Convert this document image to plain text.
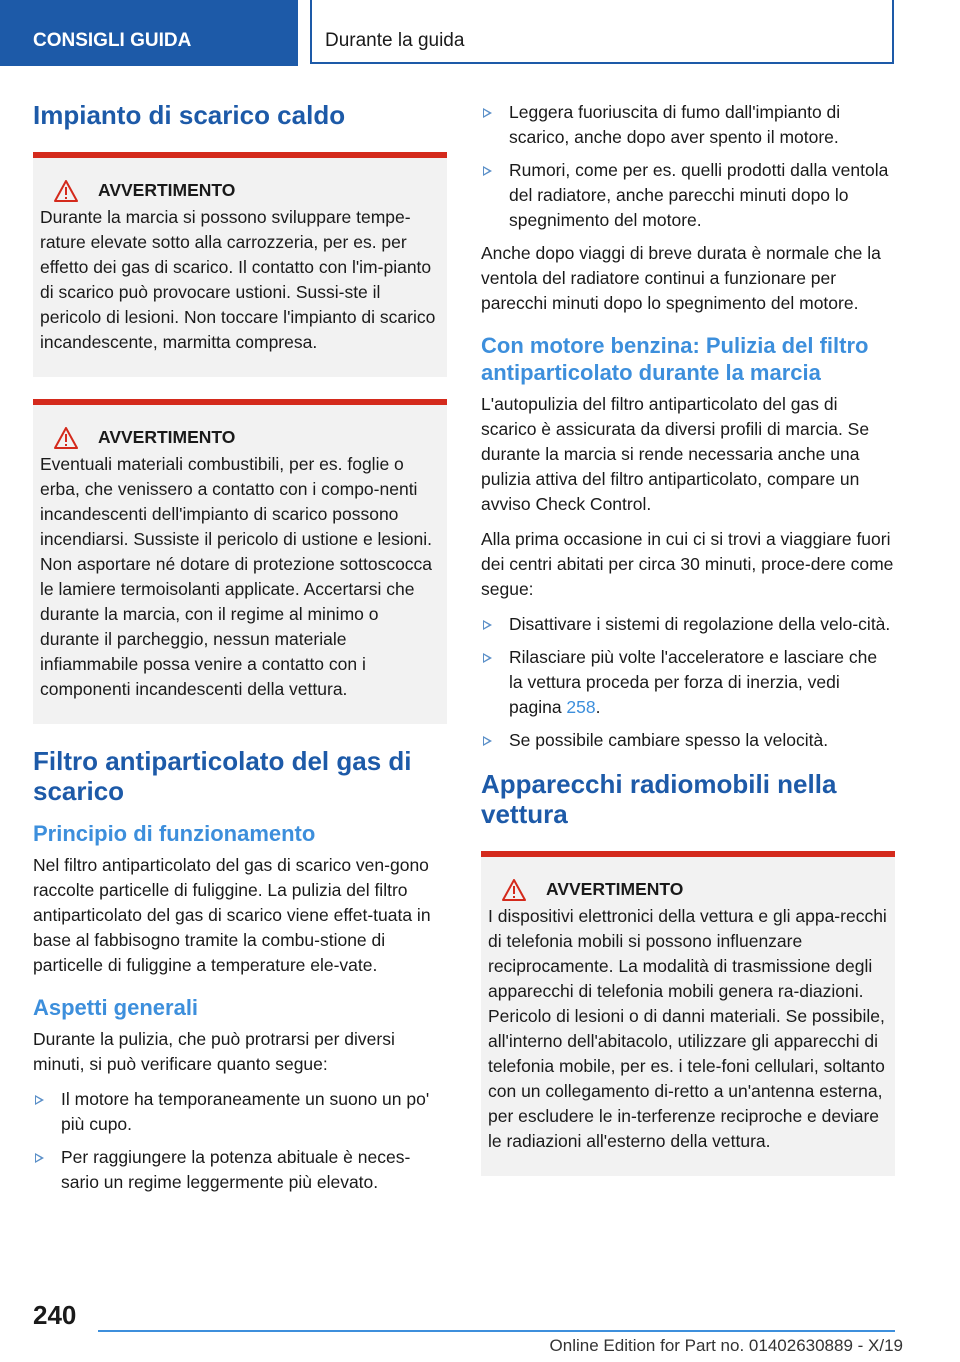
CONSIGLI GUIDA	Durante la guida
Impianto di scarico caldo
AVVERTIMENTO
Durante la marcia si possono sviluppare tempe-rature elevate sotto alla carrozzeria, per es. per effetto dei gas di scarico. Il contatto con l'im-pianto di scarico può provocare ustioni. Sussi-ste il pericolo di lesioni. Non toccare l'impianto di scarico incandescente, marmitta compresa.
AVVERTIMENTO
Eventuali materiali combustibili, per es. foglie o erba, che venissero a contatto con i compo-nenti incandescenti dell'impianto di scarico possono incendiarsi. Sussiste il pericolo di ustione e lesioni. Non asportare né dotare di protezione sottoscocca le lamiere termoisolanti applicate. Accertarsi che durante la marcia, con il regime al minimo o durante il parcheggio, nessun materiale infiammabile possa venire a contatto con i componenti incandescenti della vettura.
Filtro antiparticolato del gas di scarico
Principio di funzionamento
Nel filtro antiparticolato del gas di scarico ven-gono raccolte particelle di fuliggine. La pulizia del filtro antiparticolato del gas di scarico viene effet-tuata in base al fabbisogno tramite la combu-stione di particelle di fuliggine a temperature ele-vate.
Aspetti generali
Durante la pulizia, che può protrarsi per diversi minuti, si può verificare quanto segue:
Il motore ha temporaneamente un suono un po' più cupo.
Per raggiungere la potenza abituale è neces-sario un regime leggermente più elevato.
Leggera fuoriuscita di fumo dall'impianto di scarico, anche dopo aver spento il motore.
Rumori, come per es. quelli prodotti dalla ventola del radiatore, anche parecchi minuti dopo lo spegnimento del motore.
Anche dopo viaggi di breve durata è normale che la ventola del radiatore continui a funzionare per parecchi minuti dopo lo spegnimento del motore.
Con motore benzina: Pulizia del filtro antiparticolato durante la marcia
L'autopulizia del filtro antiparticolato del gas di scarico è assicurata da diversi profili di marcia. Se durante la marcia si rende necessaria anche una pulizia attiva del filtro antiparticolato, compare un avviso Check Control.
Alla prima occasione in cui ci si trovi a viaggiare fuori dei centri abitati per circa 30 minuti, proce-dere come segue:
Disattivare i sistemi di regolazione della velo-cità.
Rilasciare più volte l'acceleratore e lasciare che la vettura proceda per forza di inerzia, vedi pagina 258.
Se possibile cambiare spesso la velocità.
Apparecchi radiomobili nella vettura
AVVERTIMENTO
I dispositivi elettronici della vettura e gli appa-recchi di telefonia mobili si possono influenzare reciprocamente. La modalità di trasmissione degli apparecchi di telefonia mobili genera ra-diazioni. Pericolo di lesioni o di danni materiali. Se possibile, all'interno dell'abitacolo, utilizzare gli apparecchi di telefonia mobile, per es. i tele-foni cellulari, soltanto con un collegamento di-retto a un'antenna esterna, per escludere le in-terferenze reciproche e deviare le radiazioni all'esterno della vettura.
240
Online Edition for Part no. 01402630889 - X/19
